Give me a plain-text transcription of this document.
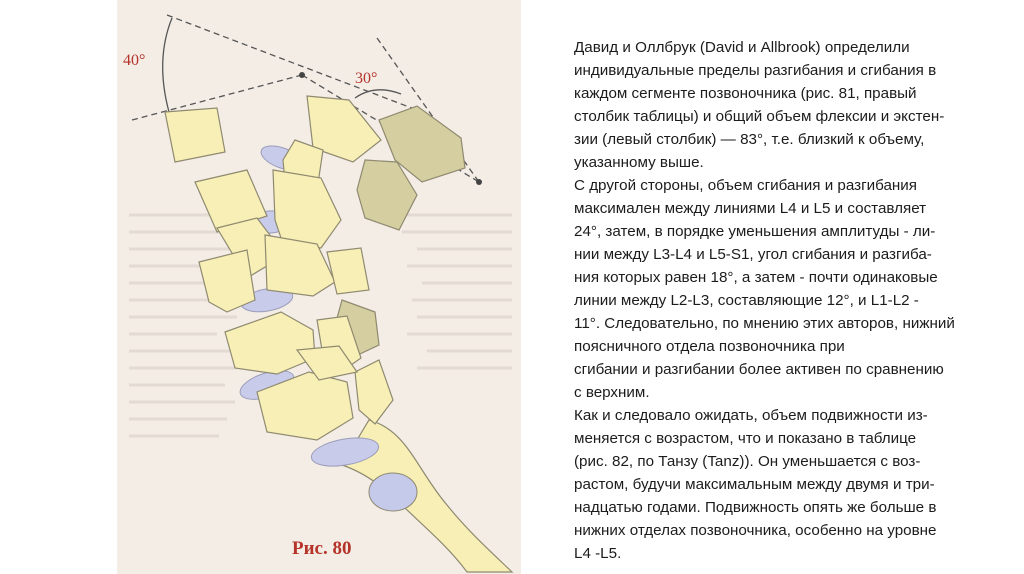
40°
30°
Рис. 80
Давид и Оллбрук (David и Allbrook) определили
индивидуальные пределы разгибания и сгибания в
каждом сегменте позвоночника (рис. 81, правый
столбик таблицы) и общий объем флексии и экстен-
зии (левый столбик) — 83°, т.е. близкий к объему,
указанному выше.
С другой стороны, объем сгибания и разгибания
максимален между линиями L4 и L5 и составляет
24°, затем, в порядке уменьшения амплитуды - ли-
нии между L3-L4 и L5-S1, угол сгибания и разгиба-
ния которых равен 18°, а затем - почти одинаковые
линии между L2-L3, составляющие 12°, и L1-L2 -
11°. Следовательно, по мнению этих авторов, нижний
поясничного отдела позвоночника при
сгибании и разгибании более активен по сравнению
с верхним.
Как и следовало ожидать, объем подвижности из-
меняется с возрастом, что и показано в таблице
(рис. 82, по Танзу (Tanz)). Он уменьшается с воз-
растом, будучи максимальным между двумя и три-
надцатью годами. Подвижность опять же больше в
нижних отделах позвоночника, особенно на уровне
L4 -L5.
